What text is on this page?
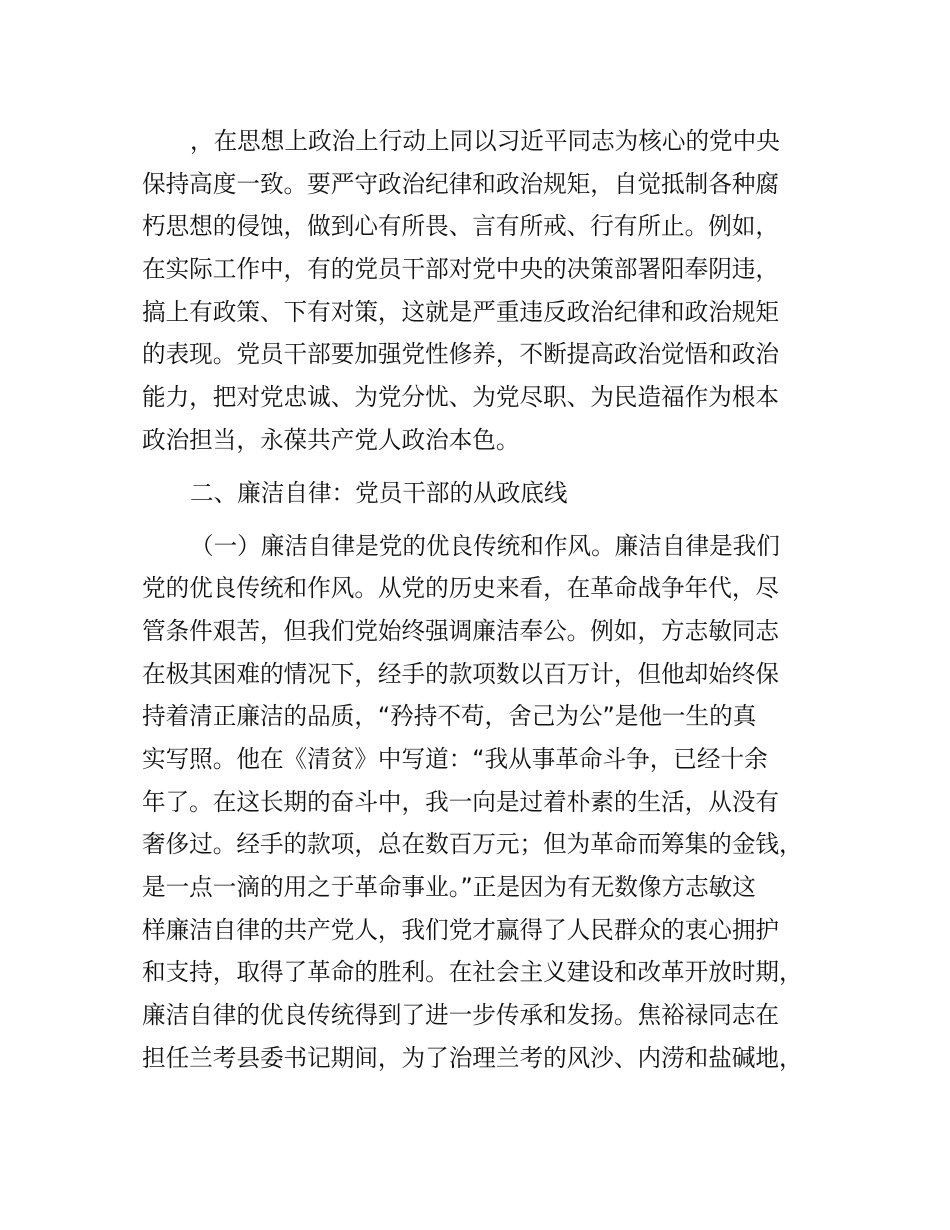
，在思想上政治上行动上同以习近平同志为核心的党中央
保持高度一致。要严守政治纪律和政治规矩，自觉抵制各种腐
朽思想的侵蚀，做到心有所畏、言有所戒、行有所止。例如，
在实际工作中，有的党员干部对党中央的决策部署阳奉阴违，
搞上有政策、下有对策，这就是严重违反政治纪律和政治规矩
的表现。党员干部要加强党性修养，不断提高政治觉悟和政治
能力，把对党忠诚、为党分忧、为党尽职、为民造福作为根本
政治担当，永葆共产党人政治本色。
二、廉洁自律：党员干部的从政底线
（一）廉洁自律是党的优良传统和作风。廉洁自律是我们
党的优良传统和作风。从党的历史来看，在革命战争年代，尽
管条件艰苦，但我们党始终强调廉洁奉公。例如，方志敏同志
在极其困难的情况下，经手的款项数以百万计，但他却始终保
持着清正廉洁的品质，“矜持不苟，舍己为公”是他一生的真
实写照。他在《清贫》中写道：“我从事革命斗争，已经十余
年了。在这长期的奋斗中，我一向是过着朴素的生活，从没有
奢侈过。经手的款项，总在数百万元；但为革命而筹集的金钱，
是一点一滴的用之于革命事业。”正是因为有无数像方志敏这
样廉洁自律的共产党人，我们党才赢得了人民群众的衷心拥护
和支持，取得了革命的胜利。在社会主义建设和改革开放时期，
廉洁自律的优良传统得到了进一步传承和发扬。焦裕禄同志在
担任兰考县委书记期间，为了治理兰考的风沙、内涝和盐碱地，
